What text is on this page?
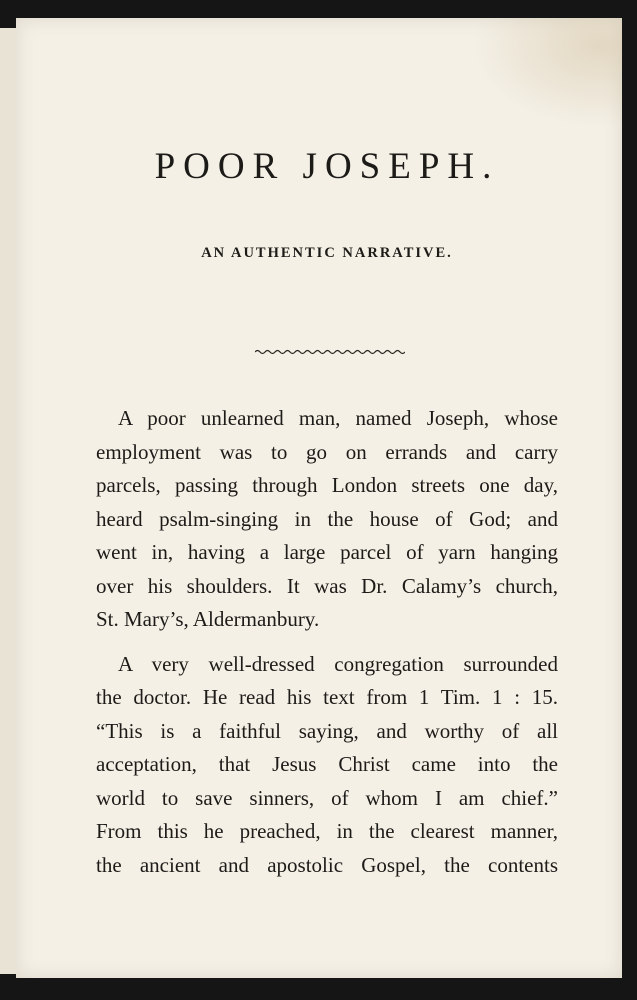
POOR JOSEPH.
AN AUTHENTIC NARRATIVE.

A poor unlearned man, named Joseph, whose
employment was to go on errands and carry
parcels, passing through London streets one day,
heard psalm-singing in the house of God; and
went in, having a large parcel of yarn hanging
over his shoulders. It was Dr. Calamy’s church,
St. Mary’s, Aldermanbury.

A very well-dressed congregation surrounded
the doctor. He read his text from 1 Tim. 1 : 15.
“This is a faithful saying, and worthy of all
acceptation, that Jesus Christ came into the
world to save sinners, of whom I am chief.”
From this he preached, in the clearest manner,
the ancient and apostolic Gospel, the contents
